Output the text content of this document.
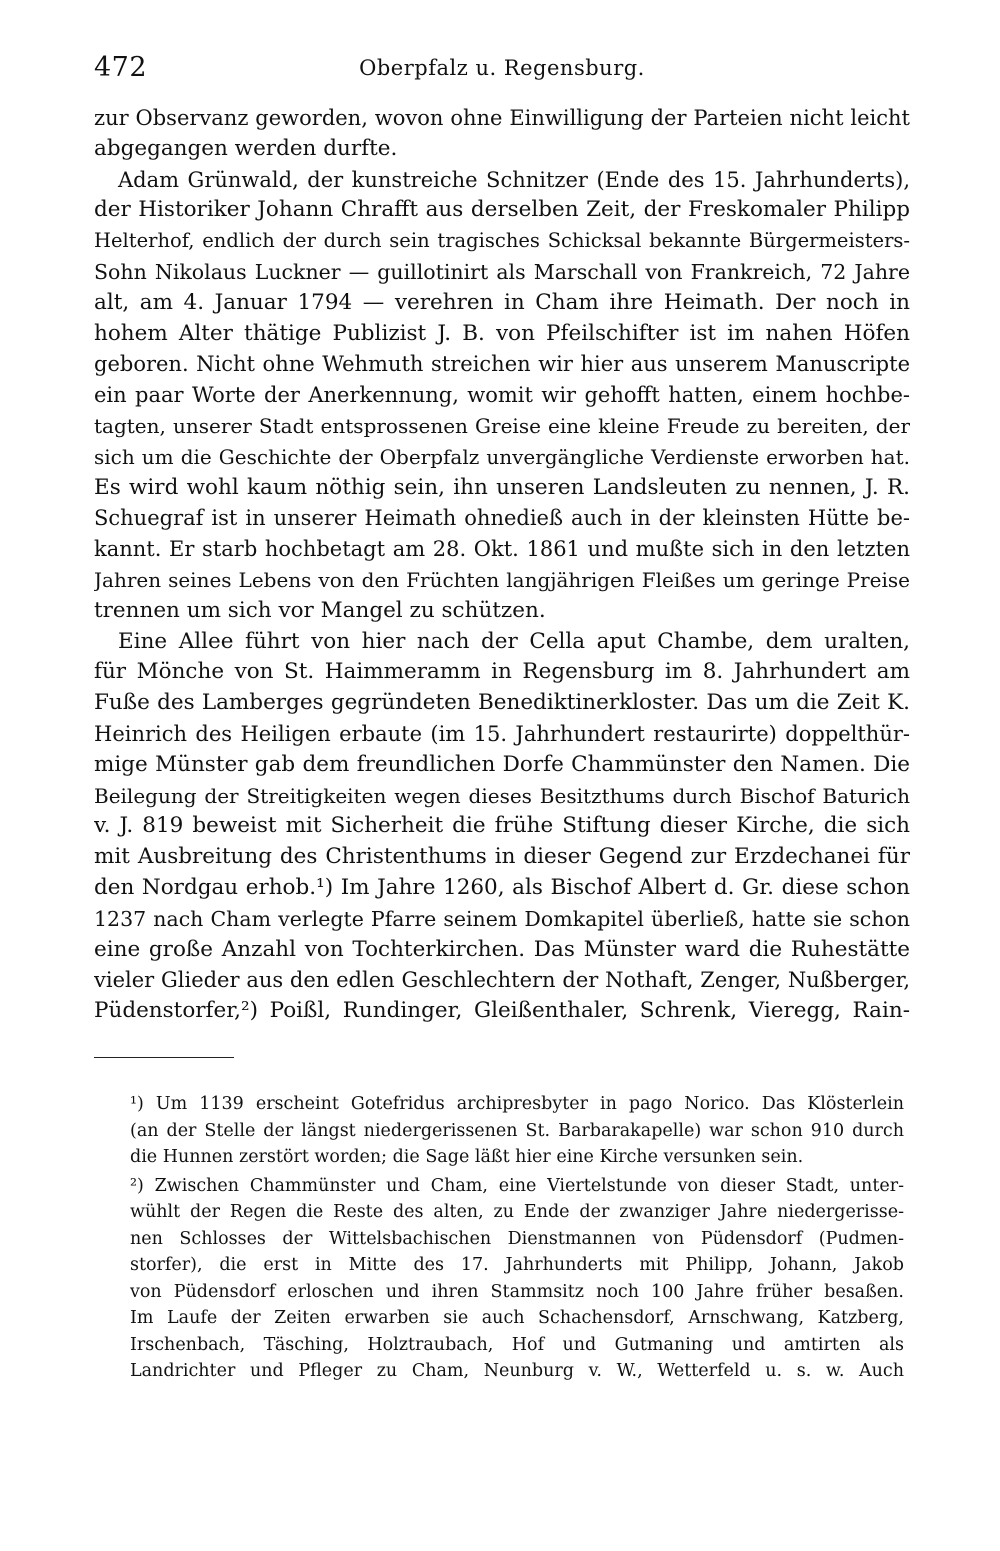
472	Oberpfalz u. Regensburg.
zur Observanz geworden, wovon ohne Einwilligung der Parteien nicht leicht
abgegangen werden durfte.
Adam Grünwald, der kunstreiche Schnitzer (Ende des 15. Jahrhunderts),
der Historiker Johann Chrafft aus derselben Zeit, der Freskomaler Philipp
Helterhof, endlich der durch sein tragisches Schicksal bekannte Bürgermeisters-
Sohn Nikolaus Luckner — guillotinirt als Marschall von Frankreich, 72 Jahre
alt, am 4. Januar 1794 — verehren in Cham ihre Heimath. Der noch in
hohem Alter thätige Publizist J. B. von Pfeilschifter ist im nahen Höfen
geboren. Nicht ohne Wehmuth streichen wir hier aus unserem Manuscripte
ein paar Worte der Anerkennung, womit wir gehofft hatten, einem hochbe-
tagten, unserer Stadt entsprossenen Greise eine kleine Freude zu bereiten, der
sich um die Geschichte der Oberpfalz unvergängliche Verdienste erworben hat.
Es wird wohl kaum nöthig sein, ihn unseren Landsleuten zu nennen, J. R.
Schuegraf ist in unserer Heimath ohnedieß auch in der kleinsten Hütte be-
kannt. Er starb hochbetagt am 28. Okt. 1861 und mußte sich in den letzten
Jahren seines Lebens von den Früchten langjährigen Fleißes um geringe Preise
trennen um sich vor Mangel zu schützen.
Eine Allee führt von hier nach der Cella aput Chambe, dem uralten,
für Mönche von St. Haimmeramm in Regensburg im 8. Jahrhundert am
Fuße des Lamberges gegründeten Benediktinerkloster. Das um die Zeit K.
Heinrich des Heiligen erbaute (im 15. Jahrhundert restaurirte) doppelthür-
mige Münster gab dem freundlichen Dorfe Chammünster den Namen. Die
Beilegung der Streitigkeiten wegen dieses Besitzthums durch Bischof Baturich
v. J. 819 beweist mit Sicherheit die frühe Stiftung dieser Kirche, die sich
mit Ausbreitung des Christenthums in dieser Gegend zur Erzdechanei für
den Nordgau erhob.¹) Im Jahre 1260, als Bischof Albert d. Gr. diese schon
1237 nach Cham verlegte Pfarre seinem Domkapitel überließ, hatte sie schon
eine große Anzahl von Tochterkirchen. Das Münster ward die Ruhestätte
vieler Glieder aus den edlen Geschlechtern der Nothaft, Zenger, Nußberger,
Püdenstorfer,²) Poißl, Rundinger, Gleißenthaler, Schrenk, Vieregg, Rain-
¹) Um 1139 erscheint Gotefridus archipresbyter in pago Norico. Das Klösterlein
(an der Stelle der längst niedergerissenen St. Barbarakapelle) war schon 910 durch
die Hunnen zerstört worden; die Sage läßt hier eine Kirche versunken sein.
²) Zwischen Chammünster und Cham, eine Viertelstunde von dieser Stadt, unter-
wühlt der Regen die Reste des alten, zu Ende der zwanziger Jahre niedergerisse-
nen Schlosses der Wittelsbachischen Dienstmannen von Püdensdorf (Pudmen-
storfer), die erst in Mitte des 17. Jahrhunderts mit Philipp, Johann, Jakob
von Püdensdorf erloschen und ihren Stammsitz noch 100 Jahre früher besaßen.
Im Laufe der Zeiten erwarben sie auch Schachensdorf, Arnschwang, Katzberg,
Irschenbach, Täsching, Holztraubach, Hof und Gutmaning und amtirten als
Landrichter und Pfleger zu Cham, Neunburg v. W., Wetterfeld u. s. w. Auch
